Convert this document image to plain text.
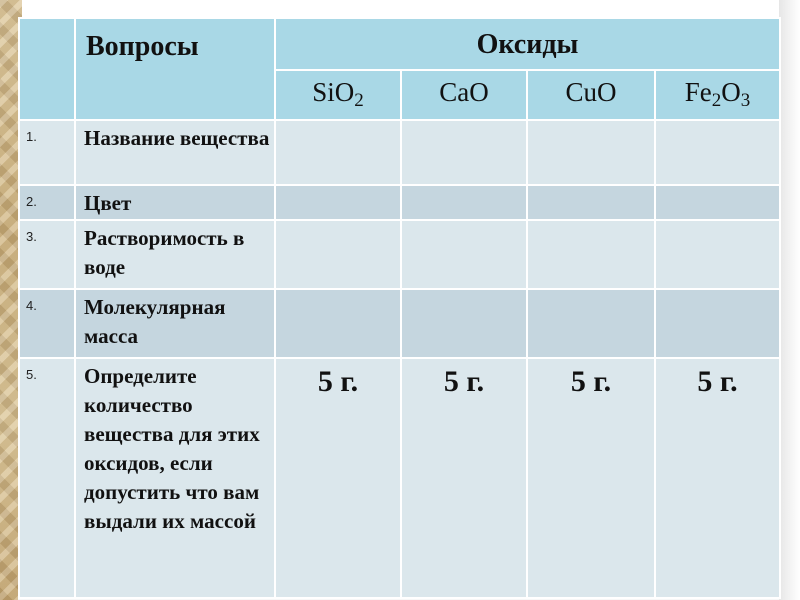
	Вопросы	Оксиды			
		SiO$_2$	CaO	CuO	$Fe_2O_3$
1.	Название вещества				
2.	Цвет				
3.	Растворимость в воде				
4.	Молекулярная масса				
5.	Определите количество вещества для этих оксидов, если допустить что вам выдали их массой	5 г.	5 г.	5 г.	5 г.
